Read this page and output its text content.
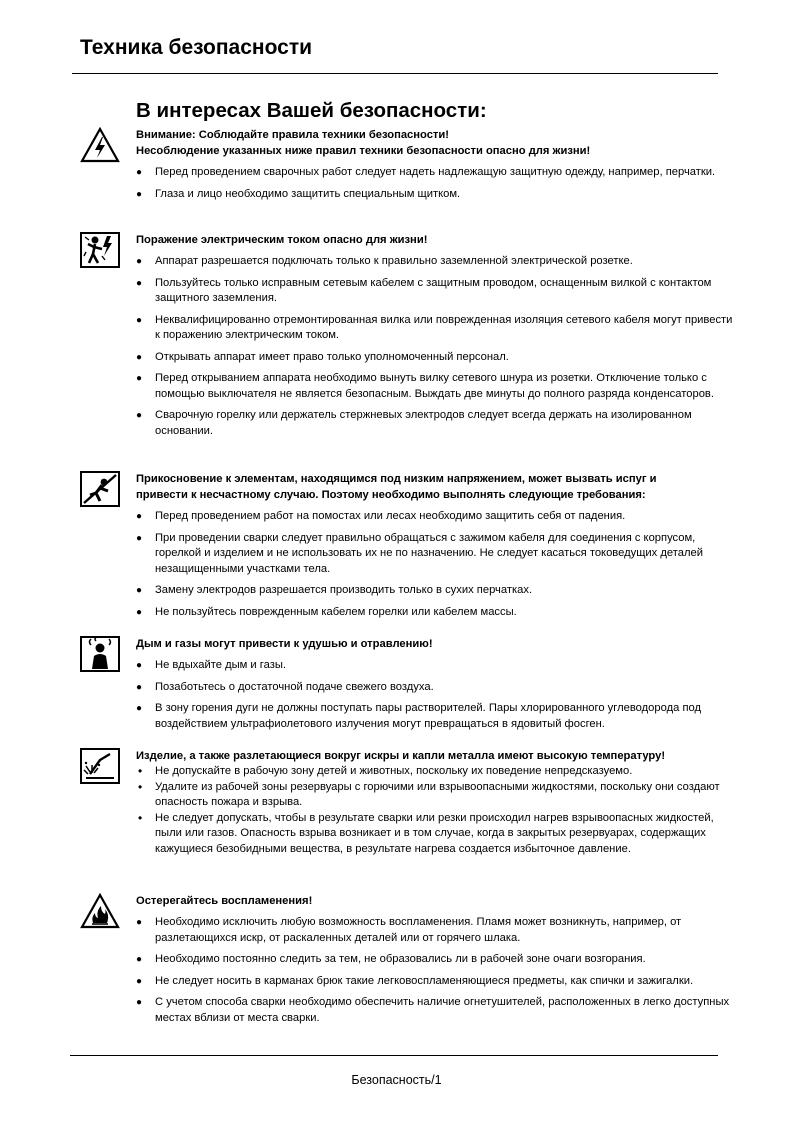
Техника безопасности
В интересах Вашей безопасности:

Внимание: Соблюдайте правила техники безопасности!

Несоблюдение указанных ниже правил техники безопасности опасно для жизни!

● Перед проведением сварочных работ следует надеть надлежащую защитную одежду, например, перчатки.
● Глаза и лицо необходимо защитить специальным щитком.

Поражение электрическим током опасно для жизни!

● Аппарат разрешается подключать только к правильно заземленной электрической розетке.
● Пользуйтесь только исправным сетевым кабелем с защитным проводом, оснащенным вилкой с контактом защитного заземления.
● Неквалифицированно отремонтированная вилка или поврежденная изоляция сетевого кабеля могут привести к поражению электрическим током.
● Открывать аппарат имеет право только уполномоченный персонал.
● Перед открыванием аппарата необходимо вынуть вилку сетевого шнура из розетки. Отключение только с помощью выключателя не является безопасным. Выждать две минуты до полного разряда конденсаторов.
● Сварочную горелку или держатель стержневых электродов следует всегда держать на изолированном основании.

Прикосновение к элементам, находящимся под низким напряжением, может вызвать испуг и

привести к несчастному случаю. Поэтому необходимо выполнять следующие требования:

● Перед проведением работ на помостах или лесах необходимо защитить себя от падения.
● При проведении сварки следует правильно обращаться с зажимом кабеля для соединения с корпусом, горелкой и изделием и не использовать их не по назначению. Не следует касаться токоведущих деталей незащищенными участками тела.
● Замену электродов разрешается производить только в сухих перчатках.
● Не пользуйтесь поврежденным кабелем горелки или кабелем массы.

Дым и газы могут привести к удушью и отравлению!

● Не вдыхайте дым и газы.
● Позаботьтесь о достаточной подаче свежего воздуха.
● В зону горения дуги не должны поступать пары растворителей. Пары хлорированного углеводорода под воздействием ультрафиолетового излучения могут превращаться в ядовитый фосген.

Изделие, а также разлетающиеся вокруг искры и капли металла имеют высокую температуру!

• Не допускайте в рабочую зону детей и животных, поскольку их поведение непредсказуемо.
• Удалите из рабочей зоны резервуары с горючими или взрывоопасными жидкостями, поскольку они создают опасность пожара и взрыва.
• Не следует допускать, чтобы в результате сварки или резки происходил нагрев взрывоопасных жидкостей, пыли или газов. Опасность взрыва возникает и в том случае, когда в закрытых резервуарах, содержащих кажущиеся безобидными вещества, в результате нагрева создается избыточное давление.

Остерегайтесь воспламенения!

● Необходимо исключить любую возможность воспламенения. Пламя может возникнуть, например, от разлетающихся искр, от раскаленных деталей или от горячего шлака.
● Необходимо постоянно следить за тем, не образовались ли в рабочей зоне очаги возгорания.
● Не следует носить в карманах брюк такие легковоспламеняющиеся предметы, как спички и зажигалки.
● С учетом способа сварки необходимо обеспечить наличие огнетушителей, расположенных в легко доступных местах вблизи от места сварки.
Безопасность/1
